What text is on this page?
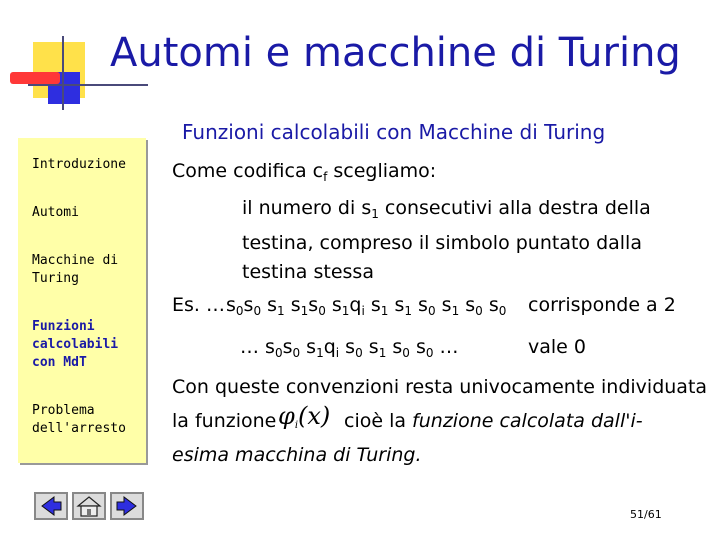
Automi e macchine di Turing
Funzioni calcolabili con Macchine di Turing
Introduzione
Automi
Macchine di Turing
Funzioni calcolabili con MdT
Problema dell'arresto
Come codifica $c_f$ scegliamo:
il numero di $s_1$ consecutivi alla destra della
testina, compreso il simbolo puntato dalla
testina stessa
Es. … $s_0s_0$ $s_1$ $s_1s_0$ $s_1q_i$ $s_1$ $s_1$ $s_0$ $s_1$ $s_0$ $s_0$ corrisponde a 2
… $s_0s_0$ $s_1q_i$ $s_0$ $s_1$ $s_0$ $s_0$ …	vale 0
Con queste convenzioni resta univocamente individuata
la funzione $\varphi_i(x)$ cioè la funzione calcolata dall'i-
esima macchina di Turing.
51/61
